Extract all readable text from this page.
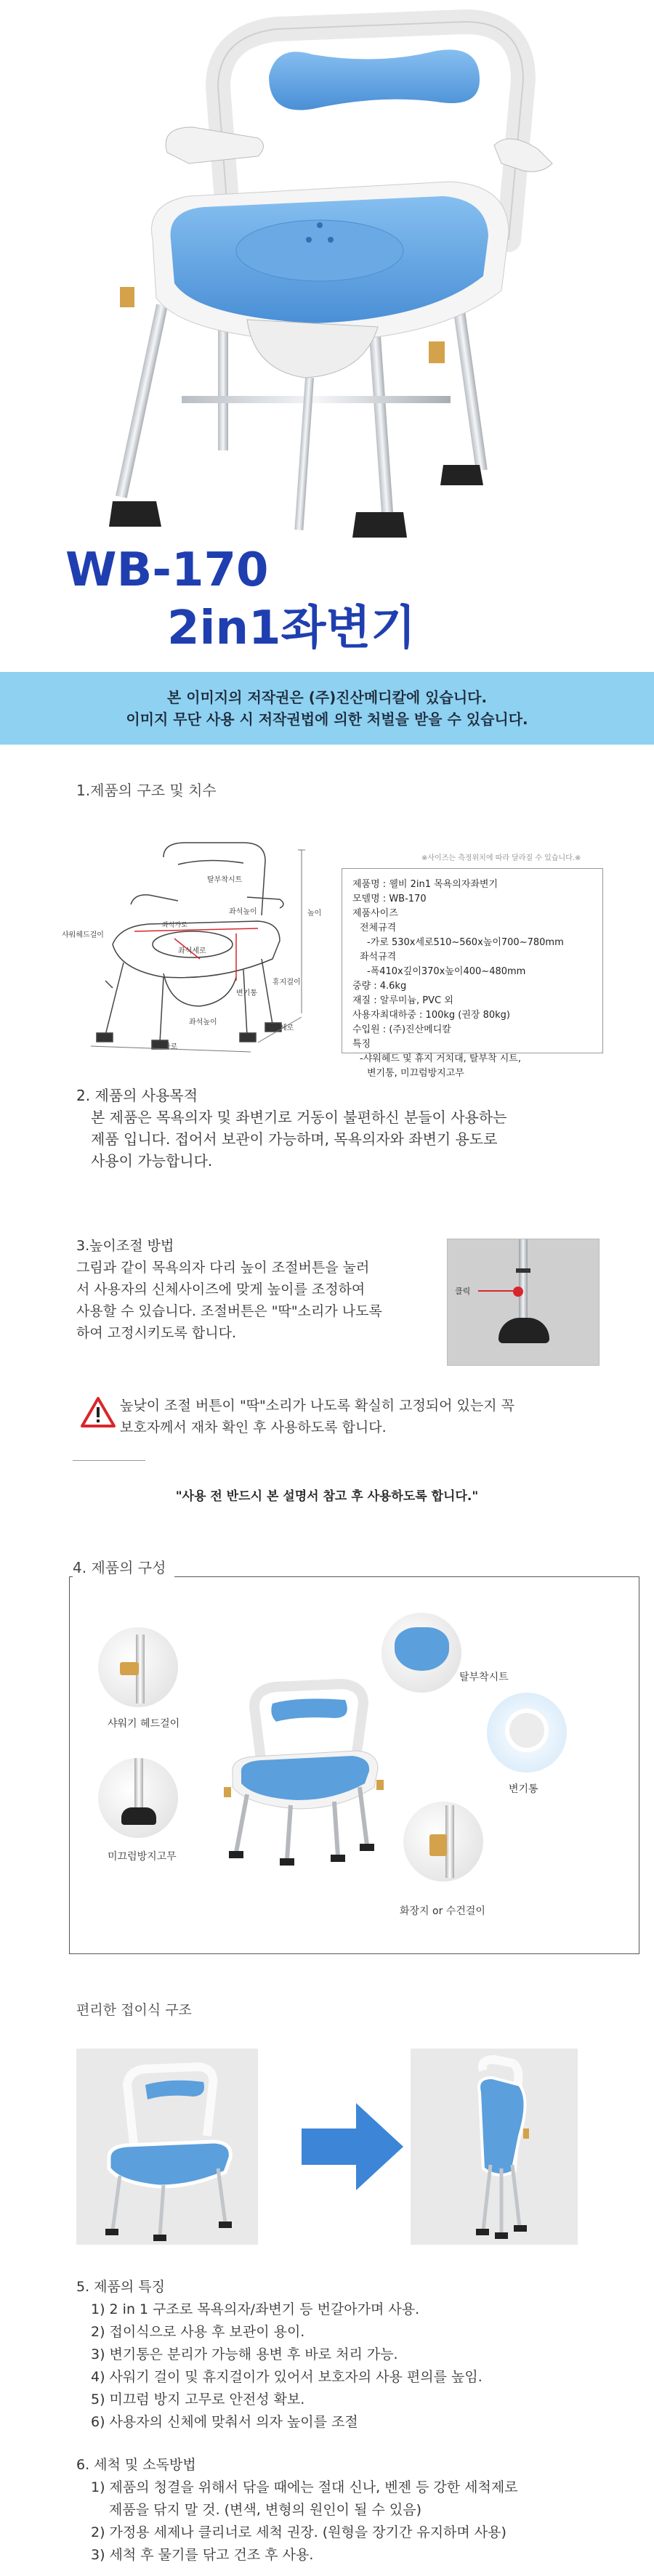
WB-170
2in1좌변기
본 이미지의 저작권은 (주)진산메디칼에 있습니다.
이미지 무단 사용 시 저작권법에 의한 처벌을 받을 수 있습니다.
1.제품의 구조 및 치수
※사이즈는 측정위치에 따라 달라질 수 있습니다.※
탈부착시트
좌석높이
좌석가로
샤워헤드걸이
좌석세로
변기통
휴지걸이
높이
좌석높이
가로
세로
제품명 : 웰비 2in1 목욕의자좌변기
모델명 : WB-170
제품사이즈
전체규격
-가로 530x세로510~560x높이700~780mm
좌석규격
-폭410x깊이370x높이400~480mm
중량 : 4.6kg
재질 : 알루미늄, PVC 외
사용자최대하중 : 100kg (권장 80kg)
수입원 : (주)진산메디칼
특징
-샤워헤드 및 휴지 거치대, 탈부착 시트,
변기통, 미끄럼방지고무
2. 제품의 사용목적
본 제품은 목욕의자 및 좌변기로 거동이 불편하신 분들이 사용하는
제품 입니다. 접어서 보관이 가능하며, 목욕의자와 좌변기 용도로
사용이 가능합니다.
3.높이조절 방법
그림과 같이 목욕의자 다리 높이 조절버튼을 눌러
서 사용자의 신체사이즈에 맞게 높이를 조정하여
사용할 수 있습니다. 조절버튼은 "딱"소리가 나도록
하여 고정시키도록 합니다.
클릭
높낮이 조절 버튼이 "딱"소리가 나도록 확실히 고정되어 있는지 꼭
보호자께서 재차 확인 후 사용하도록 합니다.
"사용 전 반드시 본 설명서 참고 후 사용하도록 합니다."
4. 제품의 구성
샤워기 헤드걸이
미끄럼방지고무
탈부착시트
변기통
화장지 or 수건걸이
편리한 접이식 구조
5. 제품의 특징
1) 2 in 1 구조로 목욕의자/좌변기 등 번갈아가며 사용.
2) 접이식으로 사용 후 보관이 용이.
3) 변기통은 분리가 가능해 용변 후 바로 처리 가능.
4) 사워기 걸이 및 휴지걸이가 있어서 보호자의 사용 편의를 높임.
5) 미끄럼 방지 고무로 안전성 확보.
6) 사용자의 신체에 맞춰서 의자 높이를 조절
6. 세척 및 소독방법
1) 제품의 청결을 위해서 닦을 때에는 절대 신나, 벤젠 등 강한 세척제로
제품을 닦지 말 것. (변색, 변형의 원인이 될 수 있음)
2) 가정용 세제나 클리너로 세척 권장. (원형을 장기간 유지하며 사용)
3) 세척 후 물기를 닦고 건조 후 사용.
